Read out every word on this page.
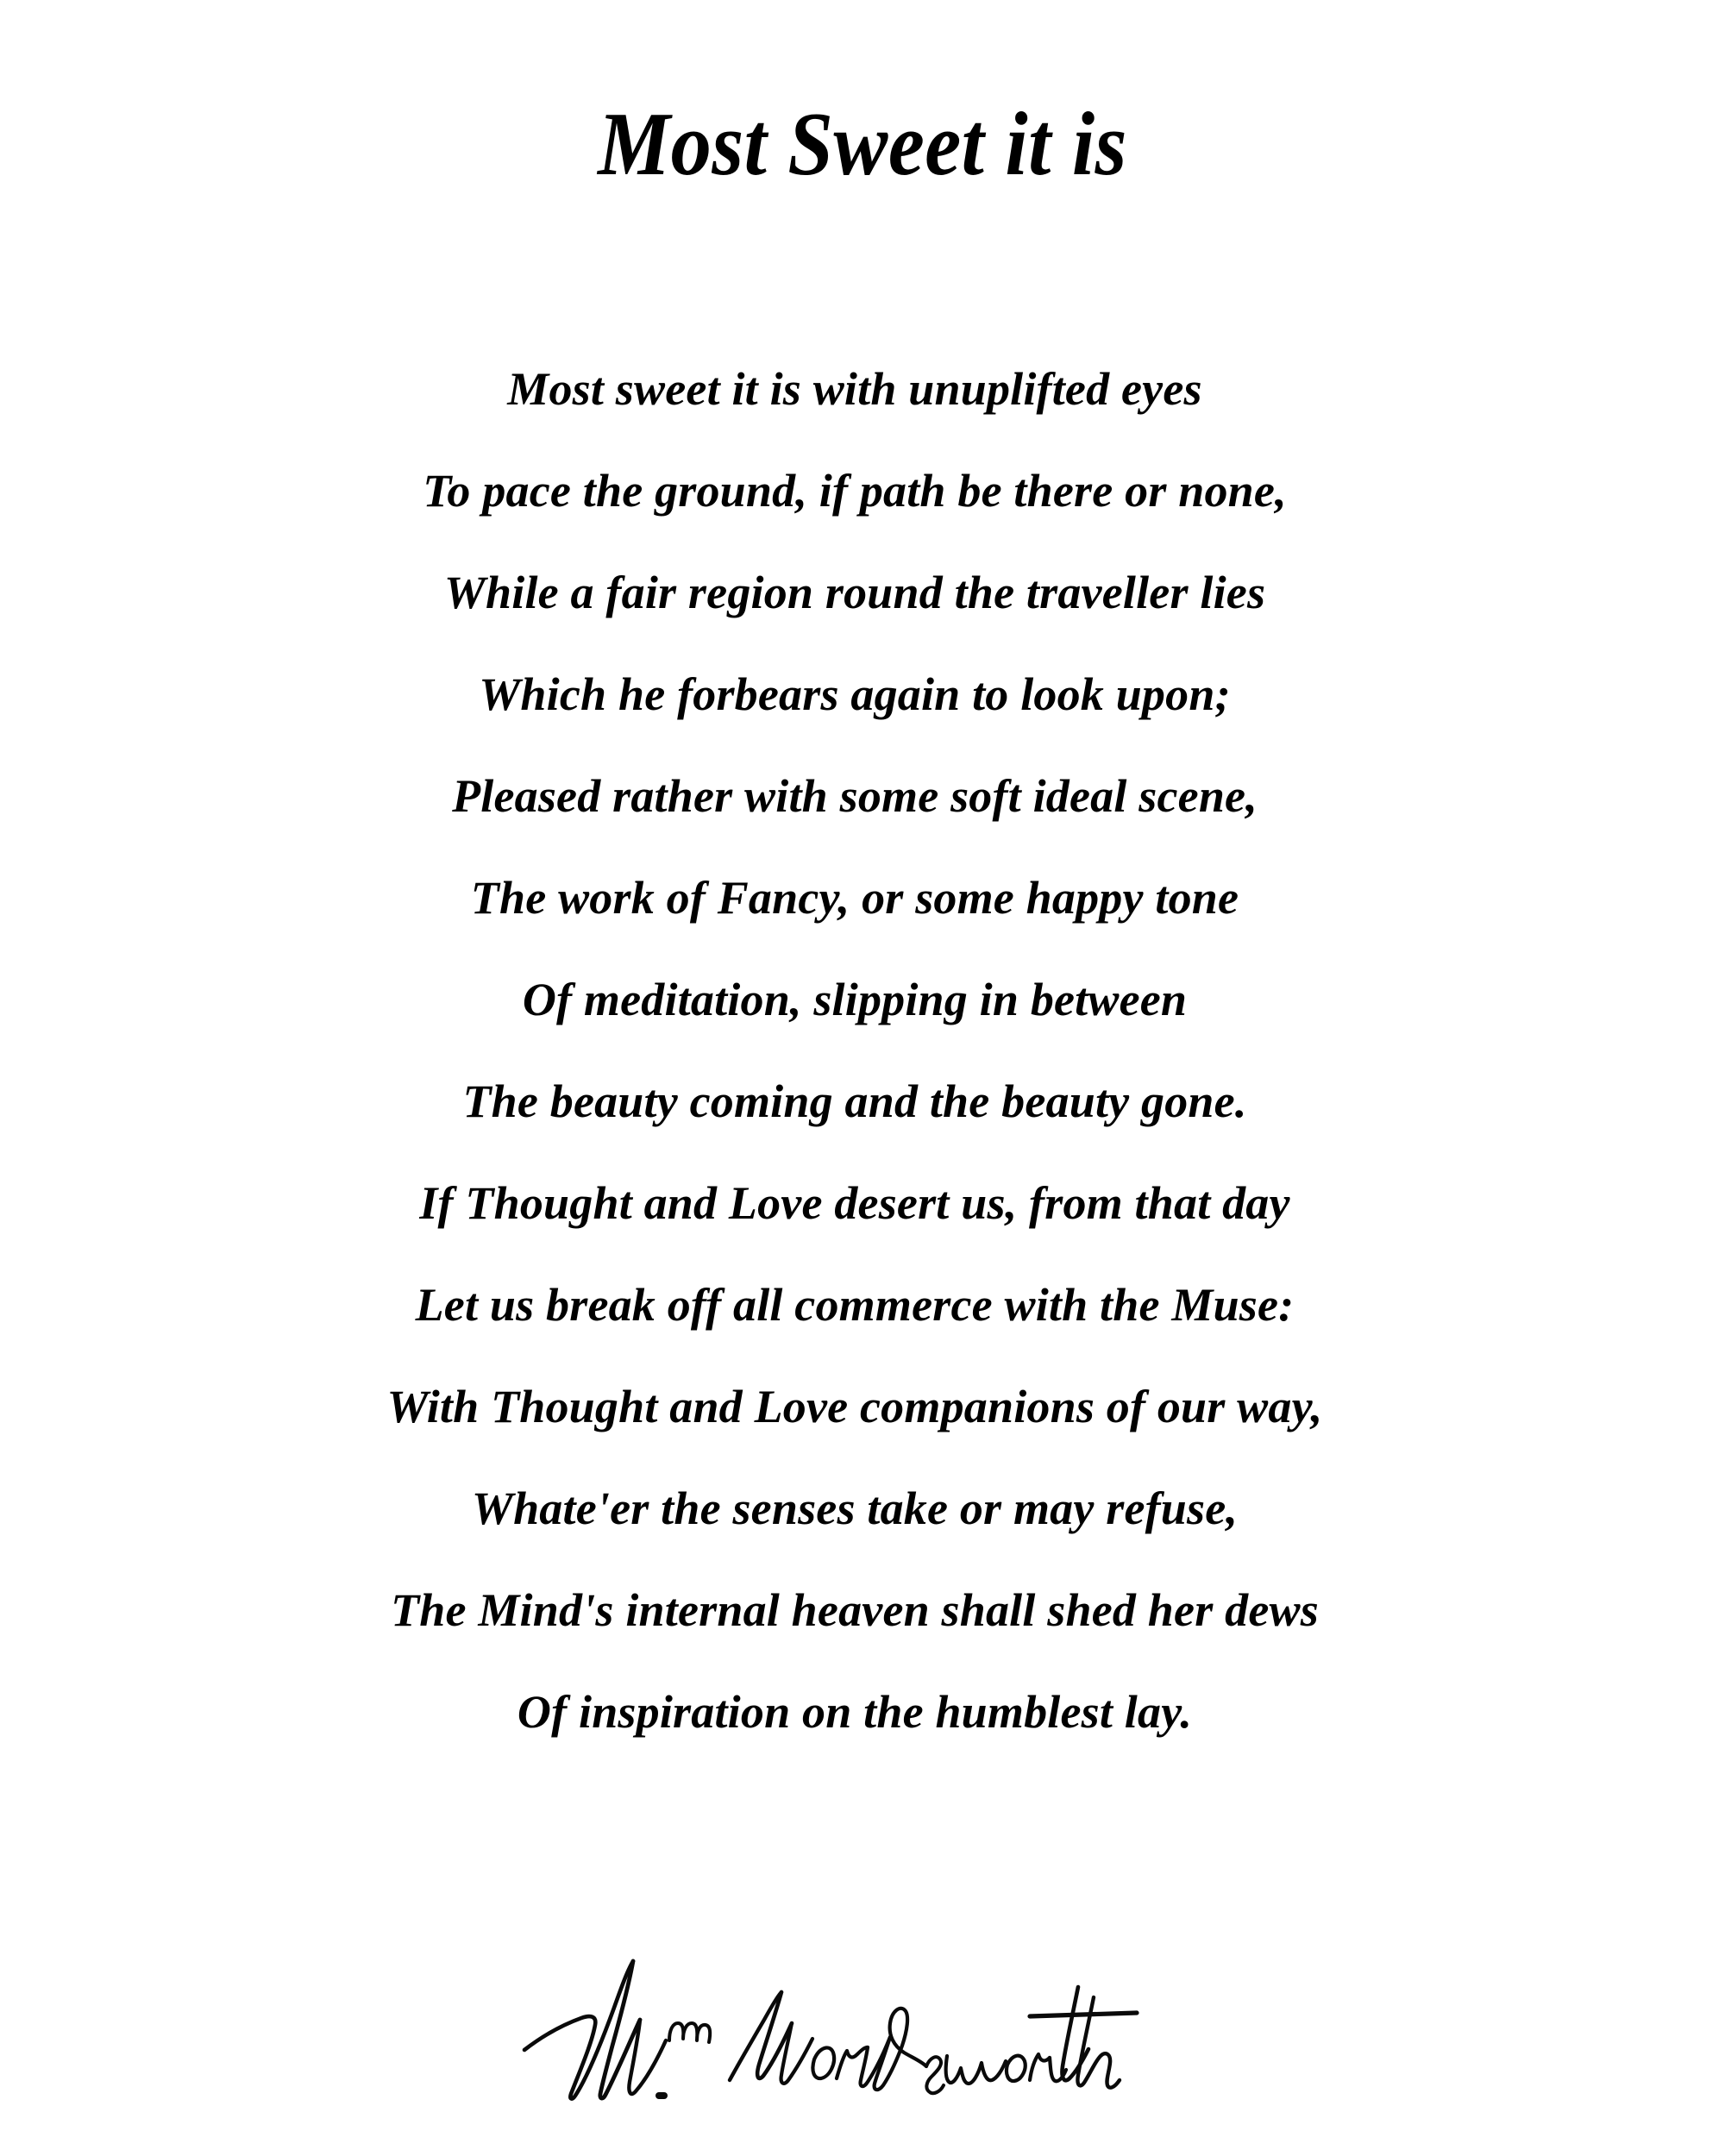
Most Sweet it is
Most sweet it is with unuplifted eyes
To pace the ground, if path be there or none,
While a fair region round the traveller lies
Which he forbears again to look upon;
Pleased rather with some soft ideal scene,
The work of Fancy, or some happy tone
Of meditation, slipping in between
The beauty coming and the beauty gone.
If Thought and Love desert us, from that day
Let us break off all commerce with the Muse:
With Thought and Love companions of our way,
Whate'er the senses take or may refuse,
The Mind's internal heaven shall shed her dews
Of inspiration on the humblest lay.
